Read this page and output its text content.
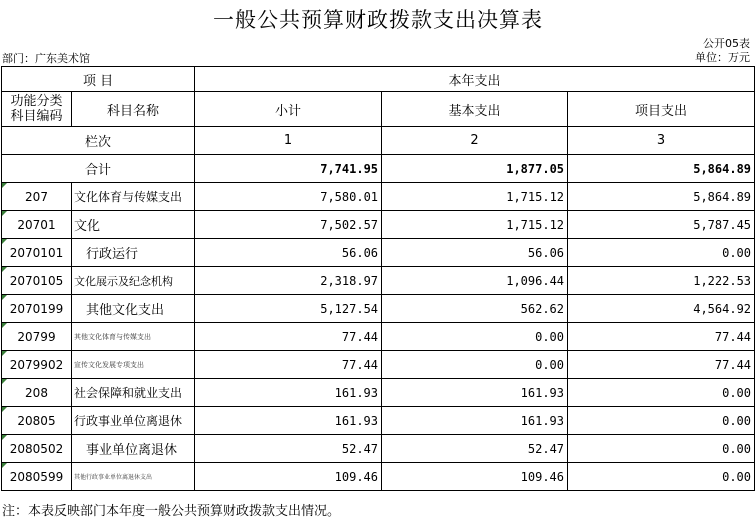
一般公共预算财政拨款支出决算表
公开05表
部门：广东美术馆	单位：万元
项 目		本年支出		

功能分类
科目编码	科目名称	小计	基本支出	项目支出
栏次		1	2	3
合计		7,741.95	1,877.05	5,864.89
207	文化体育与传媒支出	7,580.01	1,715.12	5,864.89
20701	文化	7,502.57	1,715.12	5,787.45
2070101	行政运行	56.06	56.06	0.00
2070105	文化展示及纪念机构	2,318.97	1,096.44	1,222.53
2070199	其他文化支出	5,127.54	562.62	4,564.92
20799	其他文化体育与传媒支出	77.44	0.00	77.44
2079902	宣传文化发展专项支出	77.44	0.00	77.44
208	社会保障和就业支出	161.93	161.93	0.00
20805	行政事业单位离退休	161.93	161.93	0.00
2080502	事业单位离退休	52.47	52.47	0.00
2080599	其他行政事业单位离退休支出	109.46	109.46	0.00
注：本表反映部门本年度一般公共预算财政拨款支出情况。
